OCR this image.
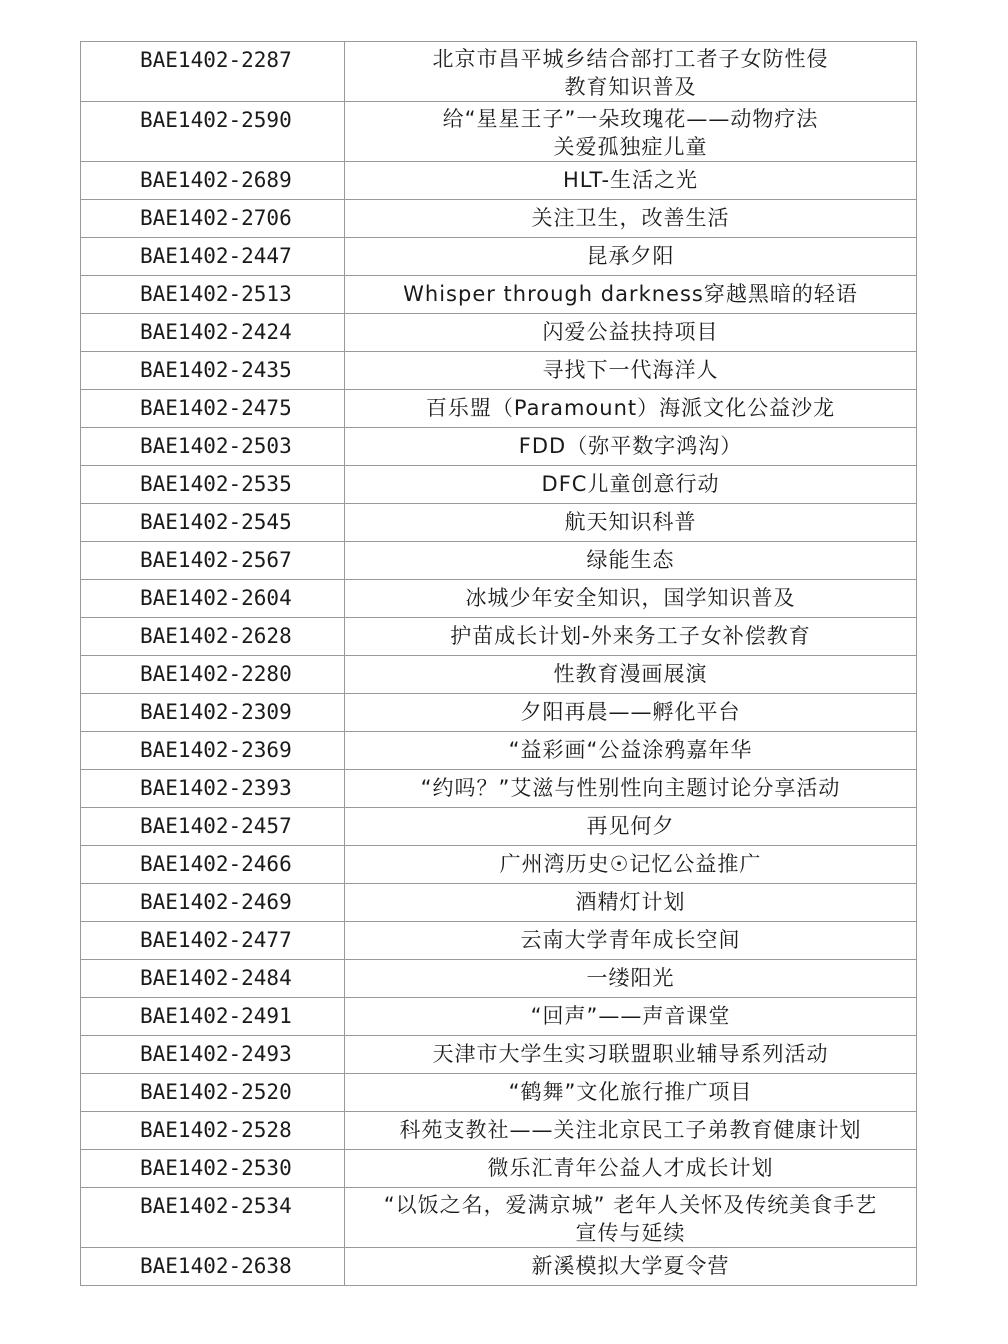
BAE1402-2287	北京市昌平城乡结合部打工者子女防性侵
教育知识普及

BAE1402-2590	给“星星王子”一朵玫瑰花——动物疗法
关爱孤独症儿童

BAE1402-2689	HLT-生活之光

BAE1402-2706	关注卫生，改善生活

BAE1402-2447	昆承夕阳

BAE1402-2513	Whisper through darkness穿越黑暗的轻语

BAE1402-2424	闪爱公益扶持项目

BAE1402-2435	寻找下一代海洋人

BAE1402-2475	百乐盟（Paramount）海派文化公益沙龙

BAE1402-2503	FDD（弥平数字鸿沟）

BAE1402-2535	DFC儿童创意行动

BAE1402-2545	航天知识科普

BAE1402-2567	绿能生态

BAE1402-2604	冰城少年安全知识，国学知识普及

BAE1402-2628	护苗成长计划-外来务工子女补偿教育

BAE1402-2280	性教育漫画展演

BAE1402-2309	夕阳再晨——孵化平台

BAE1402-2369	“益彩画“公益涂鸦嘉年华

BAE1402-2393	“约吗？”艾滋与性别性向主题讨论分享活动

BAE1402-2457	再见何夕

BAE1402-2466	广州湾历史☉记忆公益推广

BAE1402-2469	酒精灯计划

BAE1402-2477	云南大学青年成长空间

BAE1402-2484	一缕阳光

BAE1402-2491	“回声”——声音课堂

BAE1402-2493	天津市大学生实习联盟职业辅导系列活动

BAE1402-2520	“鹤舞”文化旅行推广项目

BAE1402-2528	科苑支教社——关注北京民工子弟教育健康计划

BAE1402-2530	微乐汇青年公益人才成长计划

BAE1402-2534	“以饭之名，爱满京城” 老年人关怀及传统美食手艺
宣传与延续

BAE1402-2638	新溪模拟大学夏令营
